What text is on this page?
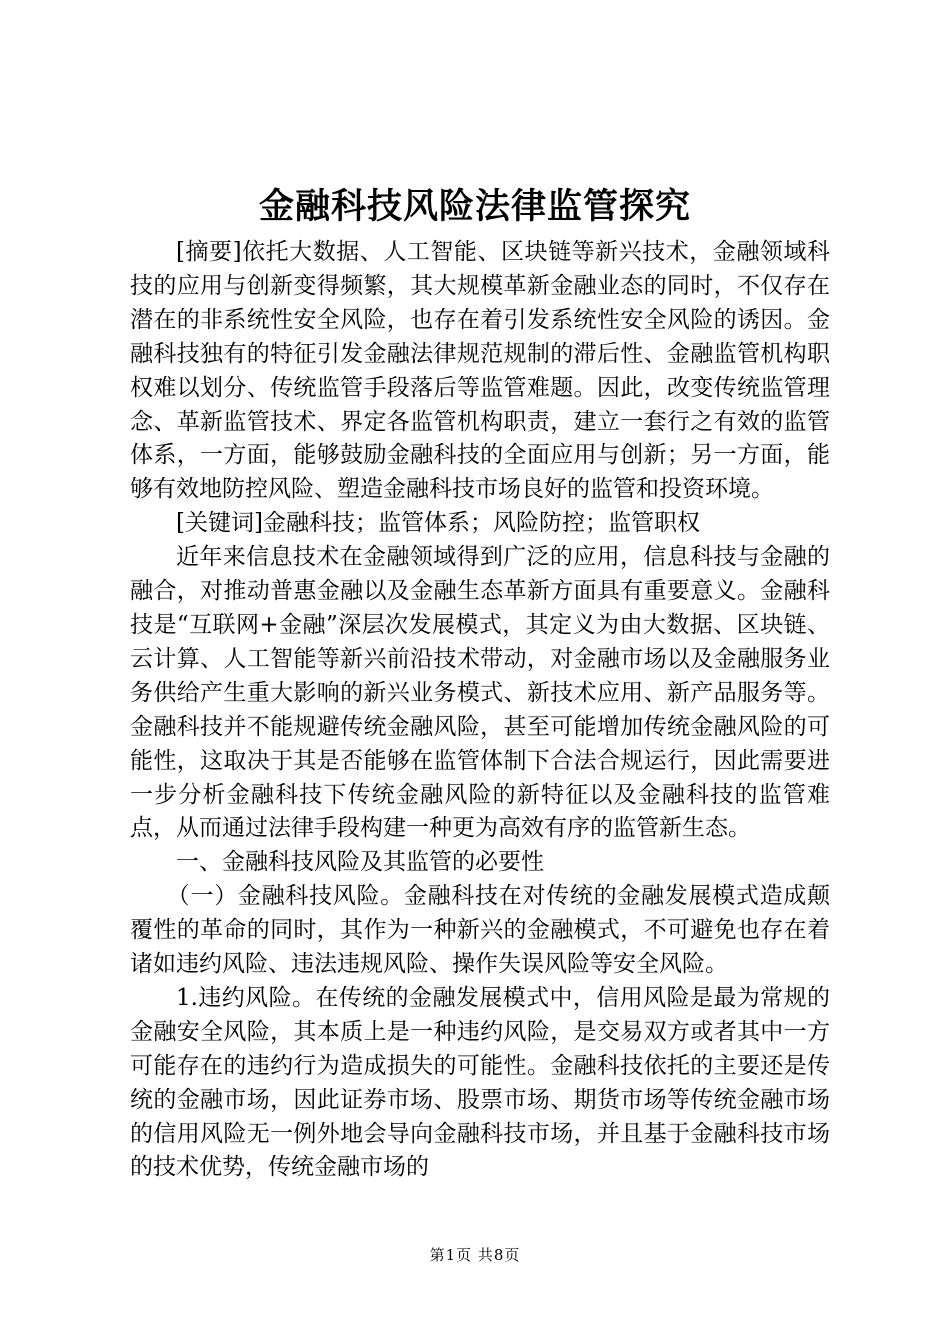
金融科技风险法律监管探究

[摘要]依托大数据、人工智能、区块链等新兴技术，金融领域科技的应用与创新变得频繁，其大规模革新金融业态的同时，不仅存在潜在的非系统性安全风险，也存在着引发系统性安全风险的诱因。金融科技独有的特征引发金融法律规范规制的滞后性、金融监管机构职权难以划分、传统监管手段落后等监管难题。因此，改变传统监管理念、革新监管技术、界定各监管机构职责，建立一套行之有效的监管体系，一方面，能够鼓励金融科技的全面应用与创新；另一方面，能够有效地防控风险、塑造金融科技市场良好的监管和投资环境。

[关键词]金融科技；监管体系；风险防控；监管职权

近年来信息技术在金融领域得到广泛的应用，信息科技与金融的融合，对推动普惠金融以及金融生态革新方面具有重要意义。金融科技是“互联网+金融”深层次发展模式，其定义为由大数据、区块链、云计算、人工智能等新兴前沿技术带动，对金融市场以及金融服务业务供给产生重大影响的新兴业务模式、新技术应用、新产品服务等。金融科技并不能规避传统金融风险，甚至可能增加传统金融风险的可能性，这取决于其是否能够在监管体制下合法合规运行，因此需要进一步分析金融科技下传统金融风险的新特征以及金融科技的监管难点，从而通过法律手段构建一种更为高效有序的监管新生态。

一、金融科技风险及其监管的必要性

（一）金融科技风险。金融科技在对传统的金融发展模式造成颠覆性的革命的同时，其作为一种新兴的金融模式，不可避免也存在着诸如违约风险、违法违规风险、操作失误风险等安全风险。

1.违约风险。在传统的金融发展模式中，信用风险是最为常规的金融安全风险，其本质上是一种违约风险，是交易双方或者其中一方可能存在的违约行为造成损失的可能性。金融科技依托的主要还是传统的金融市场，因此证券市场、股票市场、期货市场等传统金融市场的信用风险无一例外地会导向金融科技市场，并且基于金融科技市场的技术优势，传统金融市场的

第1页 共8页
